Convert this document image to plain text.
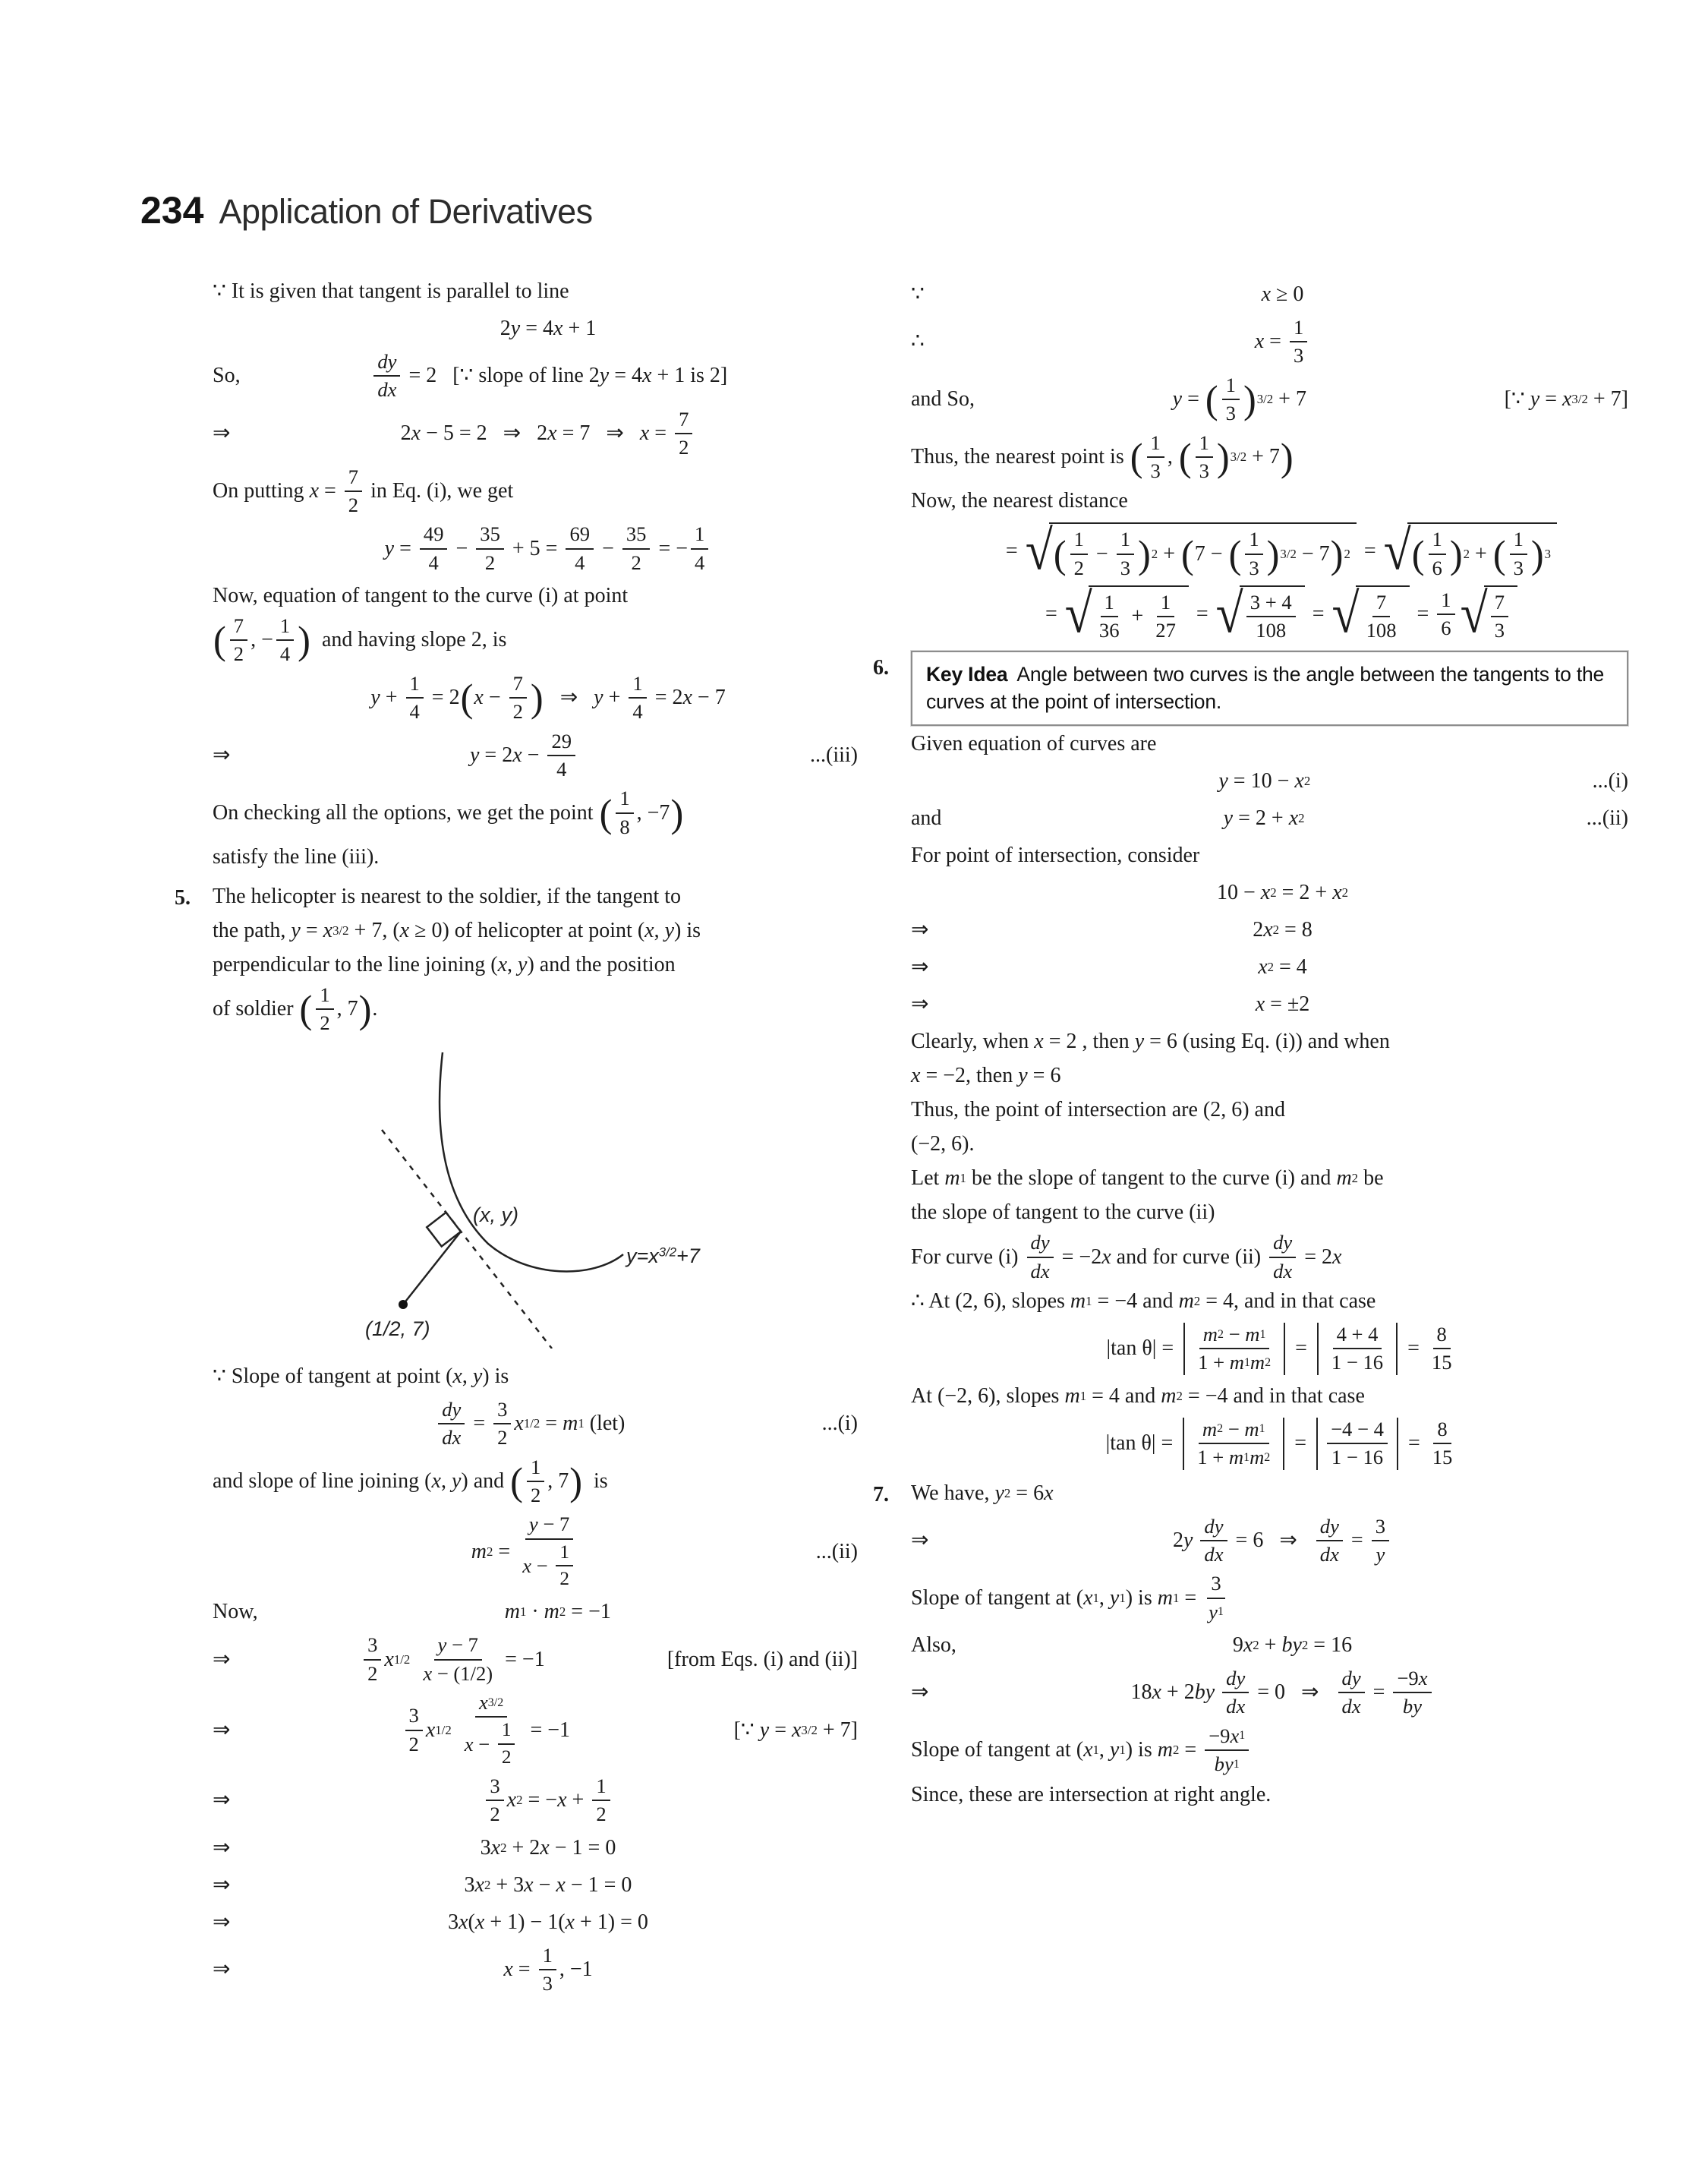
234 Application of Derivatives
∵ It is given that tangent is parallel to line
2 y = 4 x + 1
So,	$\frac{dy}{dx} = 2$   [∵ slope of line 2 y = 4 x + 1 is 2]
⇒	2 x − 5 = 2   ⇒   2 x = 7   ⇒ $x = \frac{7}{2}$
On putting $x = \frac{7}{2}$ in Eq. (i), we get
$y = \frac{49}{4} - \frac{35}{2} + 5 = \frac{69}{4} - \frac{35}{2}$ = − $\frac{1}{4}$
Now, equation of tangent to the curve (i) at point
( $\frac{7}{2}$ , − $\frac{1}{4}$ ) and having slope 2, is
$y + \frac{1}{4} = 2$ ( $x - \frac{7}{2}$ ) ⇒ $y + \frac{1}{4} = 2$ x − 7
⇒	y = 2 $x - \frac{29}{4}$	...(iii)
On checking all the options, we get the point ( $\frac{1}{8}$ , −7 )
satisfy the line (iii).
5. The helicopter is nearest to the soldier, if the tangent to
the path, y = x 3/2 + 7, ( x ≥ 0) of helicopter at point ( x , y ) is
perpendicular to the line joining ( x , y ) and the position
of soldier ( $\frac{1}{2}$ , 7 ) .
(x, y)
$y=x^{3/2}+7$
(1/2, 7)
∵ Slope of tangent at point ( x , y ) is
$\frac{dy}{dx} = \frac{3}{2}$ x 1/2 = m 1 (let)	...(i)
and slope of line joining ( x , y ) and ( $\frac{1}{2}$ , 7 ) is
m $2 = \frac{y - 7}{x - \frac{1}{2}}$	...(ii)
Now,	m 1 · m 2 = −1
⇒	$\frac{3}{2}$ x $1/2 \frac{y - 7}{x - (1/2)} = -1$	[from Eqs. (i) and (ii)]
⇒	$\frac{3}{2}$ x $1/2 \frac{x 3/2}{x - \frac{1}{2}} = -1$	[∵ y = x 3/2 + 7]
⇒	$\frac{3}{2}$ x 2 = − $x + \frac{1}{2}$
⇒	3 x 2 + 2 x − 1 = 0
⇒	3 x 2 + 3 x − x − 1 = 0
⇒	3 x ( x + 1) − 1( x + 1) = 0
⇒	$x = \frac{1}{3}$ , −1
∵	x ≥ 0
∴	$x = \frac{1}{3}$
and So,	y = ( $\frac{1}{3}$ ) 3/2 + 7	[∵ y = x 3/2 + 7]
Thus, the nearest point is ( $\frac{1}{3}$ , ( $\frac{1}{3}$ ) 3/2 + 7 )
Now, the nearest distance
= √ ( $\frac{1}{2} - \frac{1}{3}$ ) 2 + ( 7 − ( $\frac{1}{3}$ ) 3/2 − 7 ) 2 = √ ( $\frac{1}{6}$ ) 2 + ( $\frac{1}{3}$ ) 3
= √ $\frac{1}{36} + \frac{1}{27}$ = √ $\frac{3 + 4}{108}$ = √ $\frac{7}{108} = \frac{1}{6}$ √ $\frac{7}{3}$
6.	Key Idea Angle between two curves is the angle between the tangents to the curves at the point of intersection.
Given equation of curves are
y = 10 − x 2	...(i)
and	y = 2 + x 2	...(ii)
For point of intersection, consider
10 − x 2 = 2 + x 2
⇒	2 x 2 = 8
⇒	x 2 = 4
⇒	x = ±2
Clearly, when x = 2 , then y = 6 (using Eq. (i)) and when
x = −2, then y = 6
Thus, the point of intersection are (2, 6) and
(−2, 6).
Let m 1 be the slope of tangent to the curve (i) and m 2 be
the slope of tangent to the curve (ii)
For curve $(i) \frac{dy}{dx} = -2$ x and for curve $(ii) \frac{dy}{dx} = 2$ x
∴ At (2, 6), slopes m 1 = −4 and m 2 = 4, and in that case
|tan $\theta| = \frac{m 2 - m 1}{1 + m 1 m 2} = \frac{4 + 4}{1 - 16} = \frac{8}{15}$
At (−2, 6), slopes m 1 = 4 and m 2 = −4 and in that case
|tan $\theta| = \frac{m 2 - m 1}{1 + m 1 m 2} = \frac{-4 - 4}{1 - 16} = \frac{8}{15}$
7. We have, y 2 = 6 x
⇒	2 y $\frac{dy}{dx} = 6$   ⇒ $\frac{dy}{dx} = \frac{3}{y}$
Slope of tangent at ( x 1 , y 1 ) is m $1 = \frac{3}{y 1}$
Also,	9 x 2 + by 2 = 16
⇒	18 x + 2 by $\frac{dy}{dx} = 0$   ⇒ $\frac{dy}{dx} = \frac{-9 x}{by}$
Slope of tangent at ( x 1 , y 1 ) is m $2 = \frac{-9 x 1}{by 1}$
Since, these are intersection at right angle.
